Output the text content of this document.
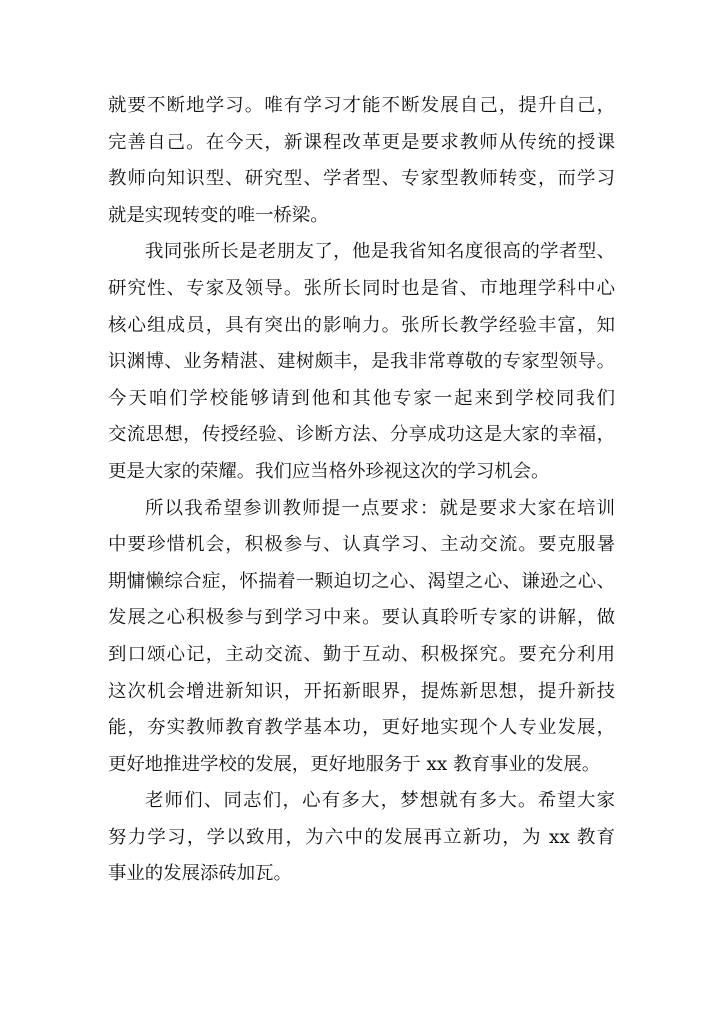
就要不断地学习。唯有学习才能不断发展自己，提升自己，
完善自己。在今天，新课程改革更是要求教师从传统的授课
教师向知识型、研究型、学者型、专家型教师转变，而学习
就是实现转变的唯一桥梁。
我同张所长是老朋友了，他是我省知名度很高的学者型、
研究性、专家及领导。张所长同时也是省、市地理学科中心
核心组成员，具有突出的影响力。张所长教学经验丰富，知
识渊博、业务精湛、建树颇丰，是我非常尊敬的专家型领导。
今天咱们学校能够请到他和其他专家一起来到学校同我们
交流思想，传授经验、诊断方法、分享成功这是大家的幸福，
更是大家的荣耀。我们应当格外珍视这次的学习机会。
所以我希望参训教师提一点要求：就是要求大家在培训
中要珍惜机会，积极参与、认真学习、主动交流。要克服暑
期慵懒综合症，怀揣着一颗迫切之心、渴望之心、谦逊之心、
发展之心积极参与到学习中来。要认真聆听专家的讲解，做
到口颂心记，主动交流、勤于互动、积极探究。要充分利用
这次机会增进新知识，开拓新眼界，提炼新思想，提升新技
能，夯实教师教育教学基本功，更好地实现个人专业发展，
更好地推进学校的发展，更好地服务于 xx 教育事业的发展。
老师们、同志们，心有多大，梦想就有多大。希望大家
努力学习，学以致用，为六中的发展再立新功，为 xx 教育
事业的发展添砖加瓦。
